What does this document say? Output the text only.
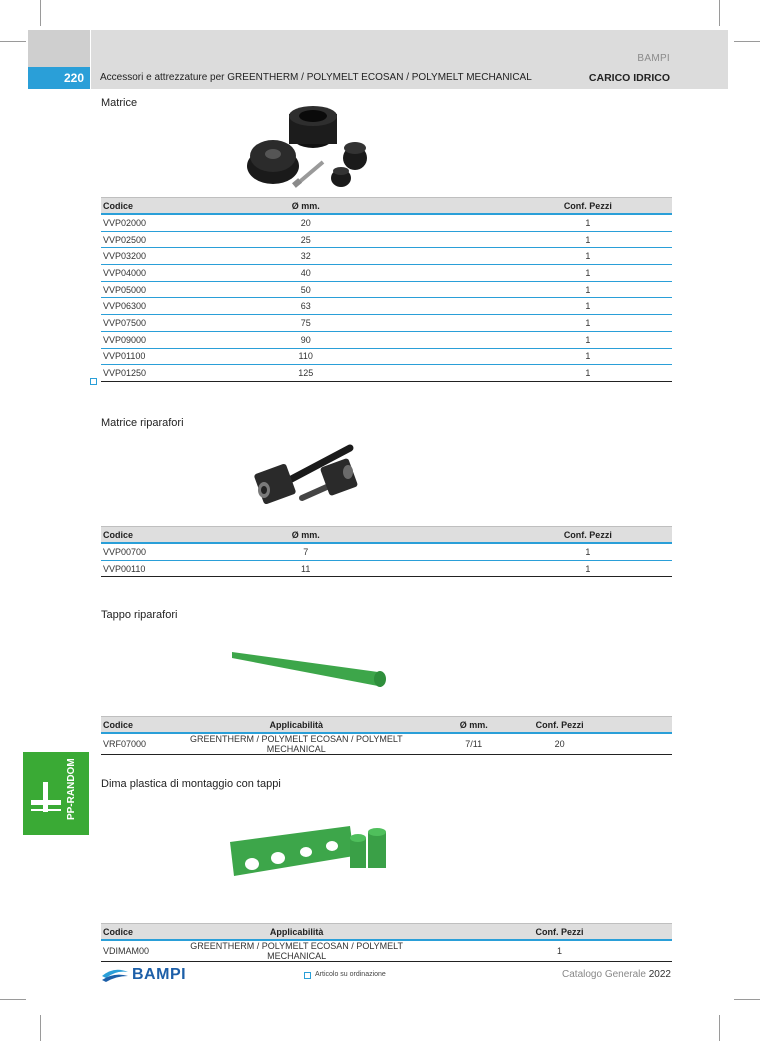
BAMPI
220	Accessori e attrezzature per GREENTHERM / POLYMELT ECOSAN / POLYMELT MECHANICAL	CARICO IDRICO
PP-RANDOM
Matrice
Codice	Ø mm.		Conf. Pezzi	
VVP02000	20		1	
VVP02500	25		1	
VVP03200	32		1	
VVP04000	40		1	
VVP05000	50		1	
VVP06300	63		1	
VVP07500	75		1	
VVP09000	90		1	
VVP01100	110		1	
VVP01250	125		1	
Matrice riparafori
Codice	Ø mm.		Conf. Pezzi	
VVP00700	7		1	
VVP00110	11		1	
Tappo riparafori
Codice	Applicabilità	Ø mm.	Conf. Pezzi	
VRF07000	GREENTHERM / POLYMELT ECOSAN / POLYMELT MECHANICAL	7/11	20	
Dima plastica di montaggio con tappi
Codice	Applicabilità		Conf. Pezzi	
VDIMAM00	GREENTHERM / POLYMELT ECOSAN / POLYMELT MECHANICAL		1	
BAMPI	Articolo su ordinazione	Catalogo Generale 2022
